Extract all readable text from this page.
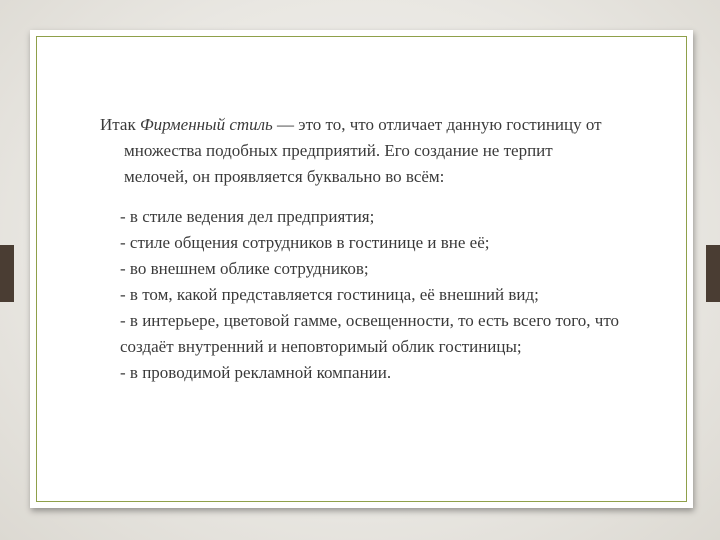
Итак Фирменный стиль — это то, что отличает данную гостиницу от множества подобных предприятий. Его создание не терпит мелочей, он проявляется буквально во всём:

- в стиле ведения дел предприятия;
- стиле общения сотрудников в гостинице и вне её;
- во внешнем облике сотрудников;
- в том, какой представляется гостиница, её внешний вид;
- в интерьере, цветовой гамме, освещенности, то есть всего того, что создаёт внутренний и неповторимый облик гостиницы;
- в проводимой рекламной компании.
